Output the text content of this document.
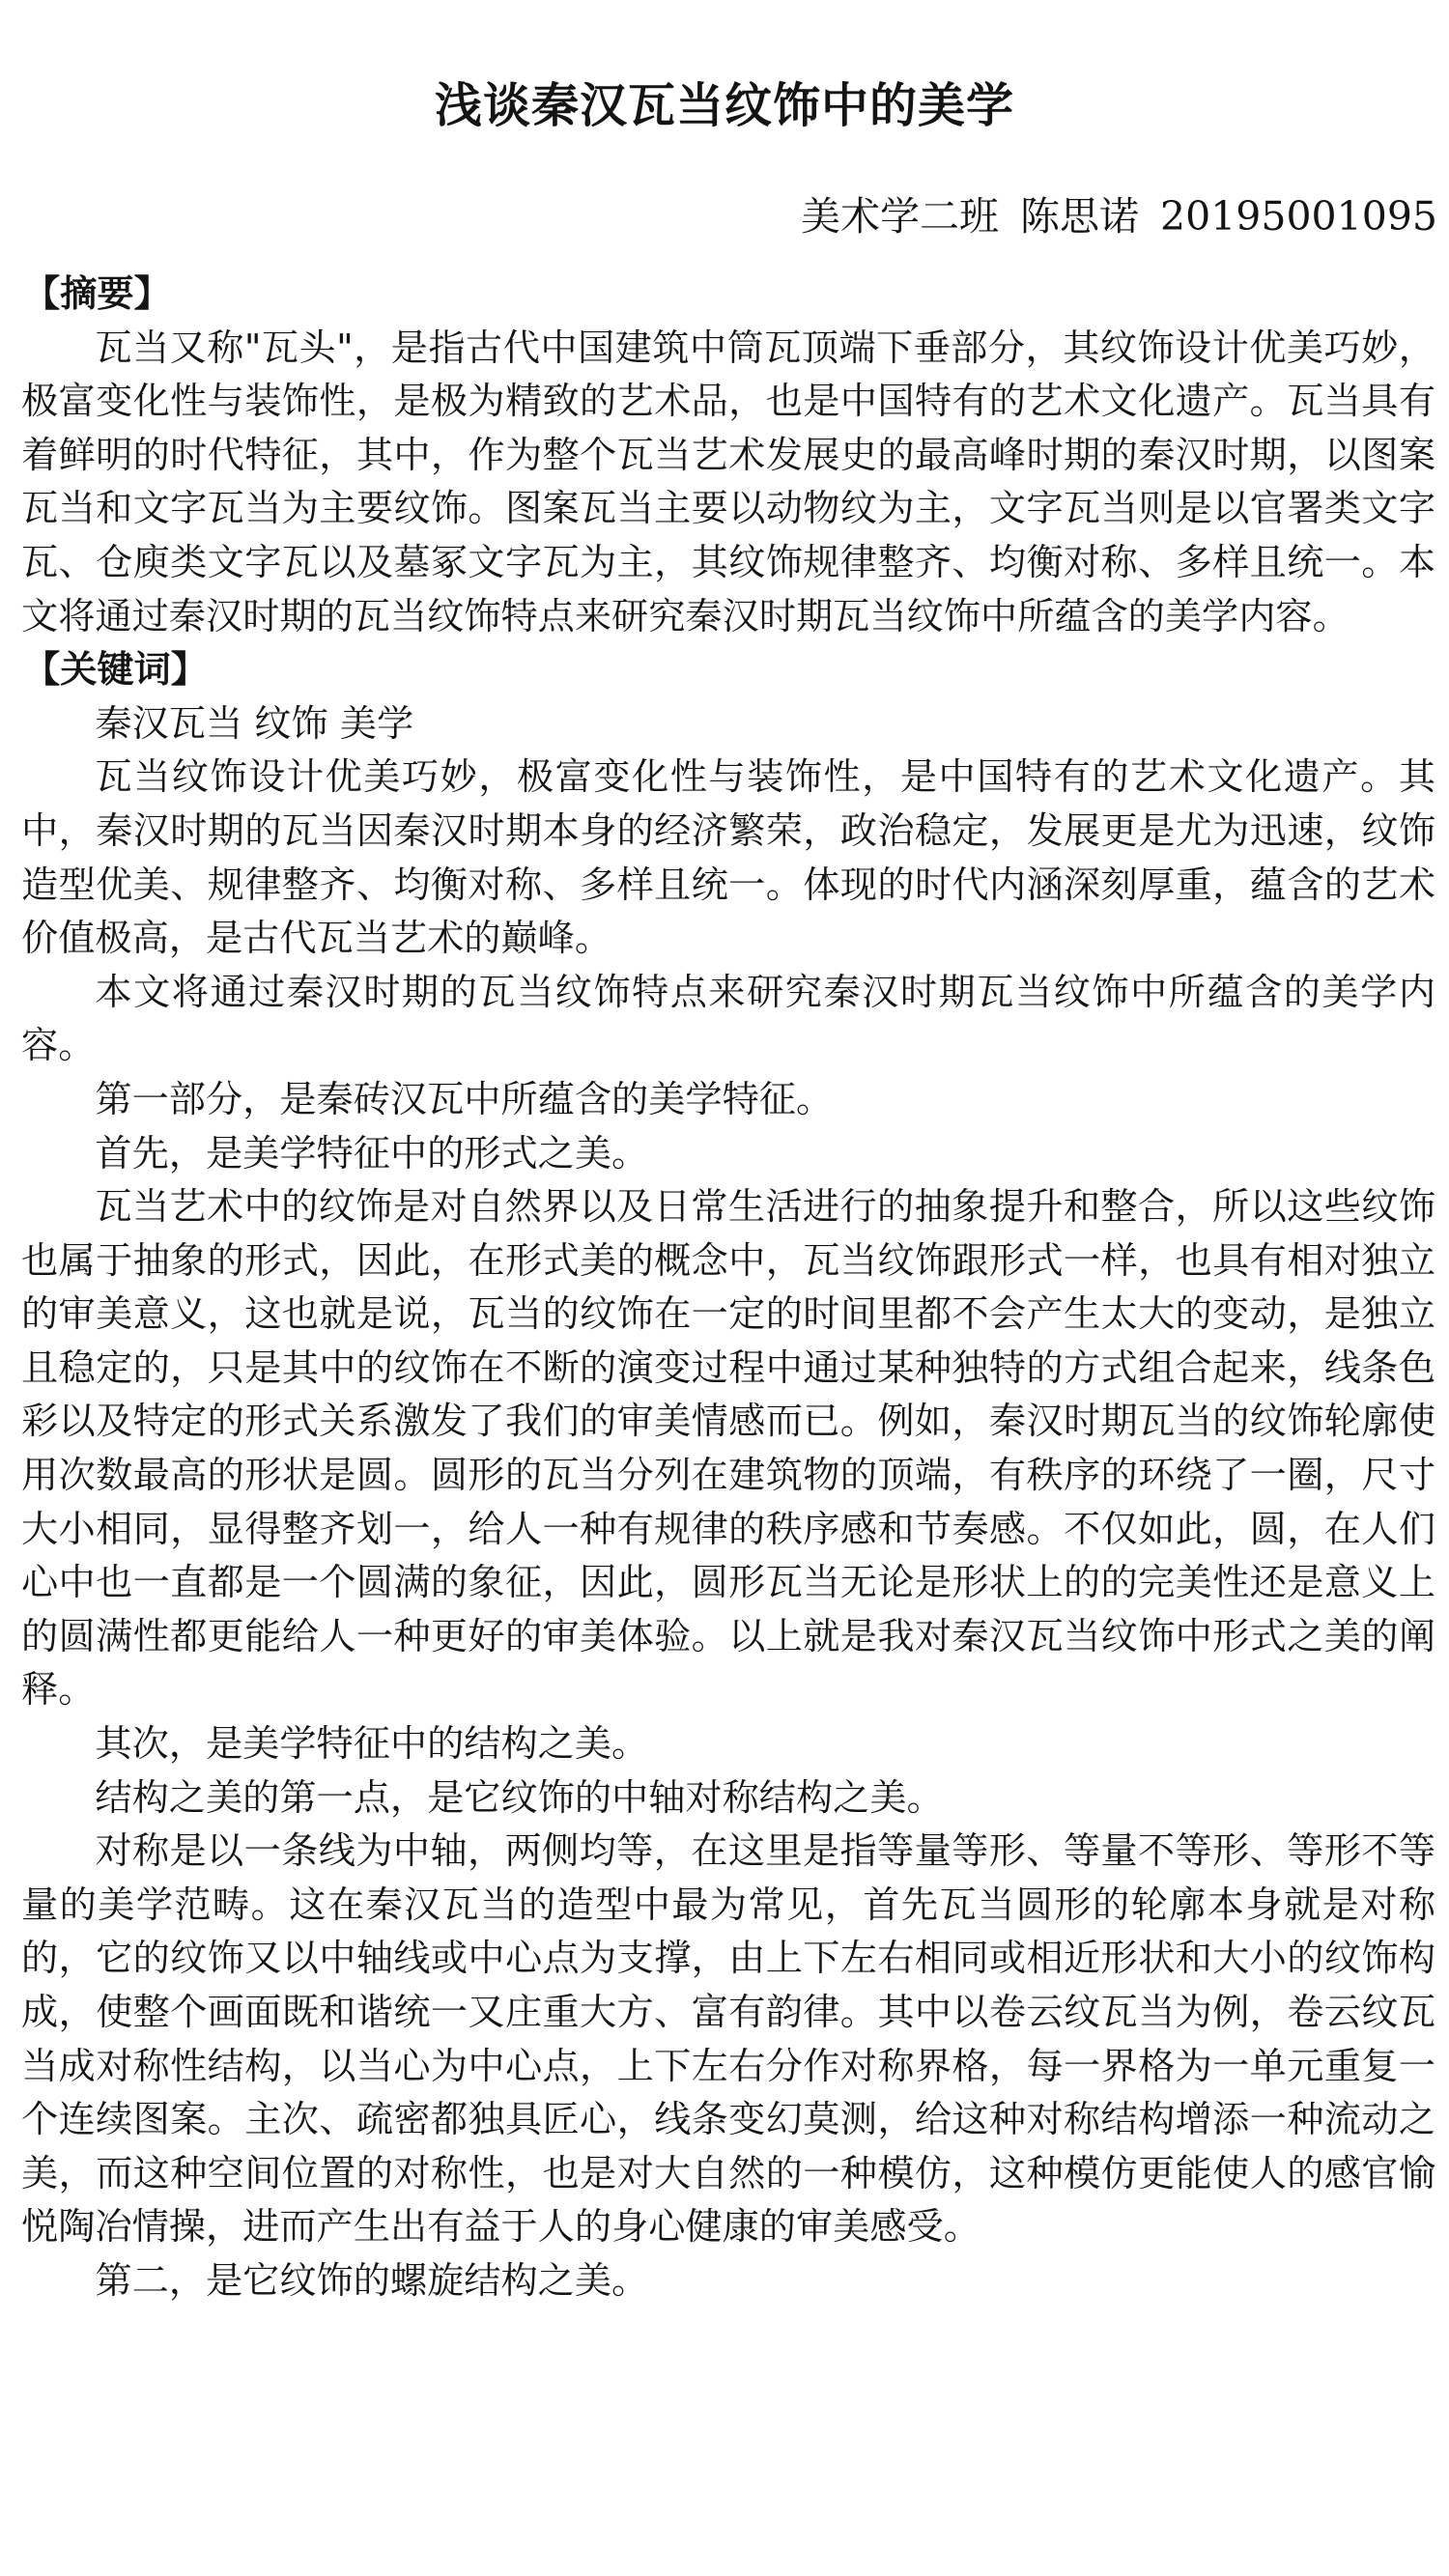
浅谈秦汉瓦当纹饰中的美学
美术学二班 陈思诺 20195001095
【摘要】

瓦当又称"瓦头"，是指古代中国建筑中筒瓦顶端下垂部分，其纹饰设计优美巧妙，极富变化性与装饰性，是极为精致的艺术品，也是中国特有的艺术文化遗产。瓦当具有着鲜明的时代特征，其中，作为整个瓦当艺术发展史的最高峰时期的秦汉时期，以图案瓦当和文字瓦当为主要纹饰。图案瓦当主要以动物纹为主，文字瓦当则是以官署类文字瓦、仓庾类文字瓦以及墓冢文字瓦为主，其纹饰规律整齐、均衡对称、多样且统一。本文将通过秦汉时期的瓦当纹饰特点来研究秦汉时期瓦当纹饰中所蕴含的美学内容。

【关键词】
秦汉瓦当 纹饰 美学

瓦当纹饰设计优美巧妙，极富变化性与装饰性，是中国特有的艺术文化遗产。其中，秦汉时期的瓦当因秦汉时期本身的经济繁荣，政治稳定，发展更是尤为迅速，纹饰造型优美、规律整齐、均衡对称、多样且统一。体现的时代内涵深刻厚重，蕴含的艺术价值极高，是古代瓦当艺术的巅峰。

本文将通过秦汉时期的瓦当纹饰特点来研究秦汉时期瓦当纹饰中所蕴含的美学内容。

第一部分，是秦砖汉瓦中所蕴含的美学特征。

首先，是美学特征中的形式之美。

瓦当艺术中的纹饰是对自然界以及日常生活进行的抽象提升和整合，所以这些纹饰也属于抽象的形式，因此，在形式美的概念中，瓦当纹饰跟形式一样，也具有相对独立的审美意义，这也就是说，瓦当的纹饰在一定的时间里都不会产生太大的变动，是独立且稳定的，只是其中的纹饰在不断的演变过程中通过某种独特的方式组合起来，线条色彩以及特定的形式关系激发了我们的审美情感而已。例如，秦汉时期瓦当的纹饰轮廓使用次数最高的形状是圆。圆形的瓦当分列在建筑物的顶端，有秩序的环绕了一圈，尺寸大小相同，显得整齐划一，给人一种有规律的秩序感和节奏感。不仅如此，圆，在人们心中也一直都是一个圆满的象征，因此，圆形瓦当无论是形状上的的完美性还是意义上的圆满性都更能给人一种更好的审美体验。以上就是我对秦汉瓦当纹饰中形式之美的阐释。

其次，是美学特征中的结构之美。

结构之美的第一点，是它纹饰的中轴对称结构之美。

对称是以一条线为中轴，两侧均等，在这里是指等量等形、等量不等形、等形不等量的美学范畴。这在秦汉瓦当的造型中最为常见，首先瓦当圆形的轮廓本身就是对称的，它的纹饰又以中轴线或中心点为支撑，由上下左右相同或相近形状和大小的纹饰构成，使整个画面既和谐统一又庄重大方、富有韵律。其中以卷云纹瓦当为例，卷云纹瓦当成对称性结构，以当心为中心点，上下左右分作对称界格，每一界格为一单元重复一个连续图案。主次、疏密都独具匠心，线条变幻莫测，给这种对称结构增添一种流动之美，而这种空间位置的对称性，也是对大自然的一种模仿，这种模仿更能使人的感官愉悦陶冶情操，进而产生出有益于人的身心健康的审美感受。

第二，是它纹饰的螺旋结构之美。
